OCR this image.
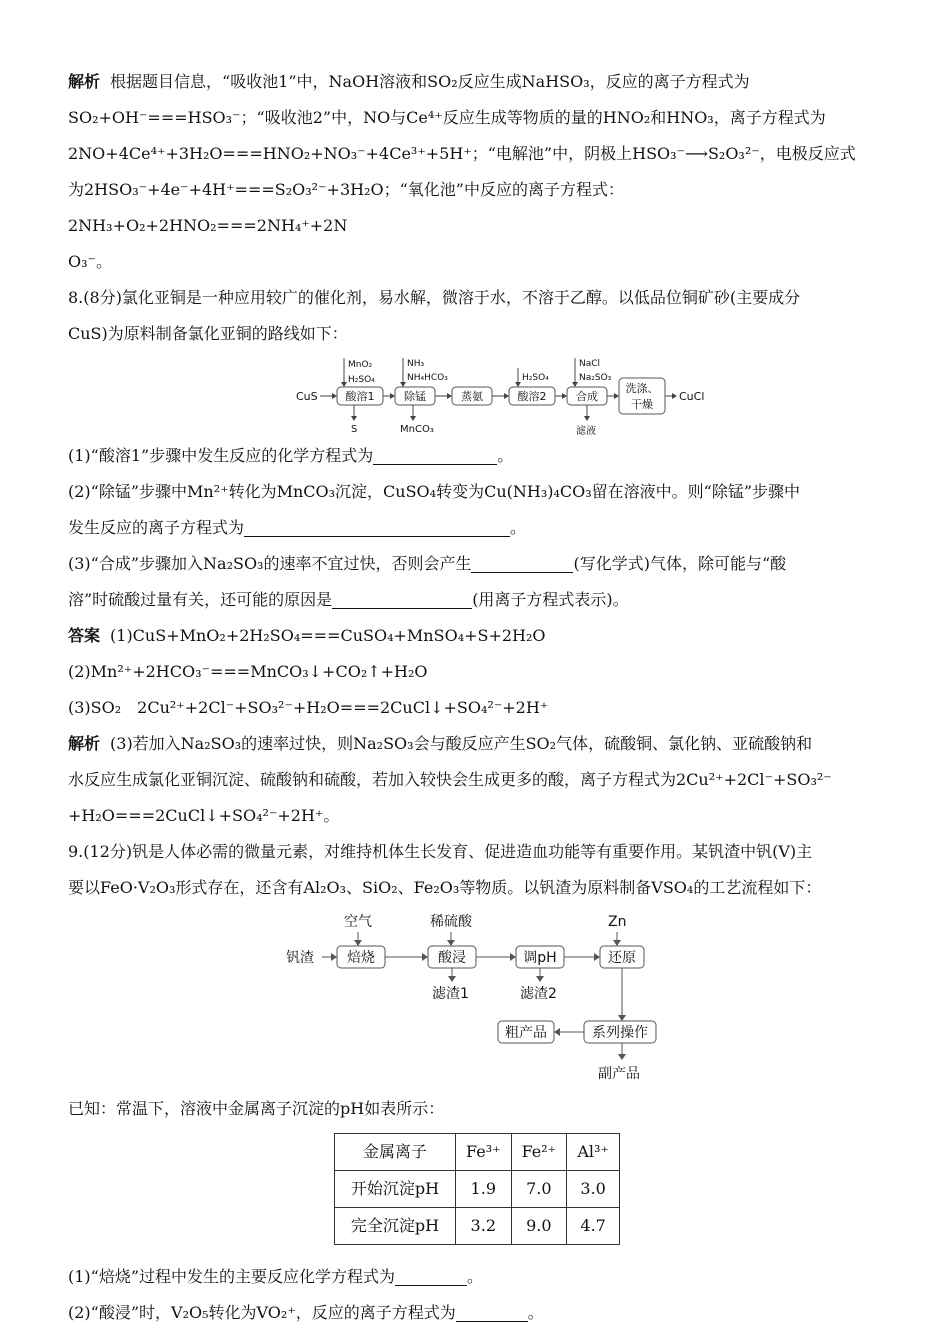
解析 根据题目信息，“吸收池1”中，NaOH溶液和SO₂反应生成NaHSO₃，反应的离子方程式为

SO₂+OH⁻===HSO₃⁻；“吸收池2”中，NO与Ce⁴⁺反应生成等物质的量的HNO₂和HNO₃，离子方程式为

2NO+4Ce⁴⁺+3H₂O===HNO₂+NO₃⁻+4Ce³⁺+5H⁺；“电解池”中，阴极上HSO₃⁻⟶S₂O₃²⁻，电极反应式

为2HSO₃⁻+4e⁻+4H⁺===S₂O₃²⁻+3H₂O；“氧化池”中反应的离子方程式：2NH₃+O₂+2HNO₂===2NH₄⁺+2N

O₃⁻。

8.(8分)氯化亚铜是一种应用较广的催化剂，易水解，微溶于水，不溶于乙醇。以低品位铜矿砂(主要成分

CuS)为原料制备氯化亚铜的路线如下：

CuS	酸溶1	除锰	蒸氨	酸溶2	合成
洗涤、
干燥
CuCl
MnO₂
H₂SO₄
NH₃
NH₄HCO₃	H₂SO₄
NaCl
Na₂SO₃
S	MnCO₃	滤液

(1)“酸溶1”步骤中发生反应的化学方程式为	。

(2)“除锰”步骤中Mn²⁺转化为MnCO₃沉淀，CuSO₄转变为Cu(NH₃)₄CO₃留在溶液中。则“除锰”步骤中

发生反应的离子方程式为	。

(3)“合成”步骤加入Na₂SO₃的速率不宜过快，否则会产生	(写化学式)气体，除可能与“酸

溶”时硫酸过量有关，还可能的原因是	(用离子方程式表示)。

答案 (1)CuS+MnO₂+2H₂SO₄===CuSO₄+MnSO₄+S+2H₂O

(2)Mn²⁺+2HCO₃⁻===MnCO₃↓+CO₂↑+H₂O

(3)SO₂　2Cu²⁺+2Cl⁻+SO₃²⁻+H₂O===2CuCl↓+SO₄²⁻+2H⁺

解析 (3)若加入Na₂SO₃的速率过快，则Na₂SO₃会与酸反应产生SO₂气体，硫酸铜、氯化钠、亚硫酸钠和

水反应生成氯化亚铜沉淀、硫酸钠和硫酸，若加入较快会生成更多的酸，离子方程式为2Cu²⁺+2Cl⁻+SO₃²⁻

+H₂O===2CuCl↓+SO₄²⁻+2H⁺。

9.(12分)钒是人体必需的微量元素，对维持机体生长发育、促进造血功能等有重要作用。某钒渣中钒(V)主

要以FeO·V₂O₃形式存在，还含有Al₂O₃、SiO₂、Fe₂O₃等物质。以钒渣为原料制备VSO₄的工艺流程如下：

空气	稀硫酸	Zn
钒渣 焙烧	酸浸	调pH	还原
滤渣1	滤渣2
系列操作
粗产品
副产品

已知：常温下，溶液中金属离子沉淀的pH如表所示：

金属离子	Fe³⁺	Fe²⁺	Al³⁺
开始沉淀pH	1.9	7.0	3.0
完全沉淀pH	3.2	9.0	4.7

(1)“焙烧”过程中发生的主要反应化学方程式为	。

(2)“酸浸”时，V₂O₅转化为VO₂⁺，反应的离子方程式为	。
